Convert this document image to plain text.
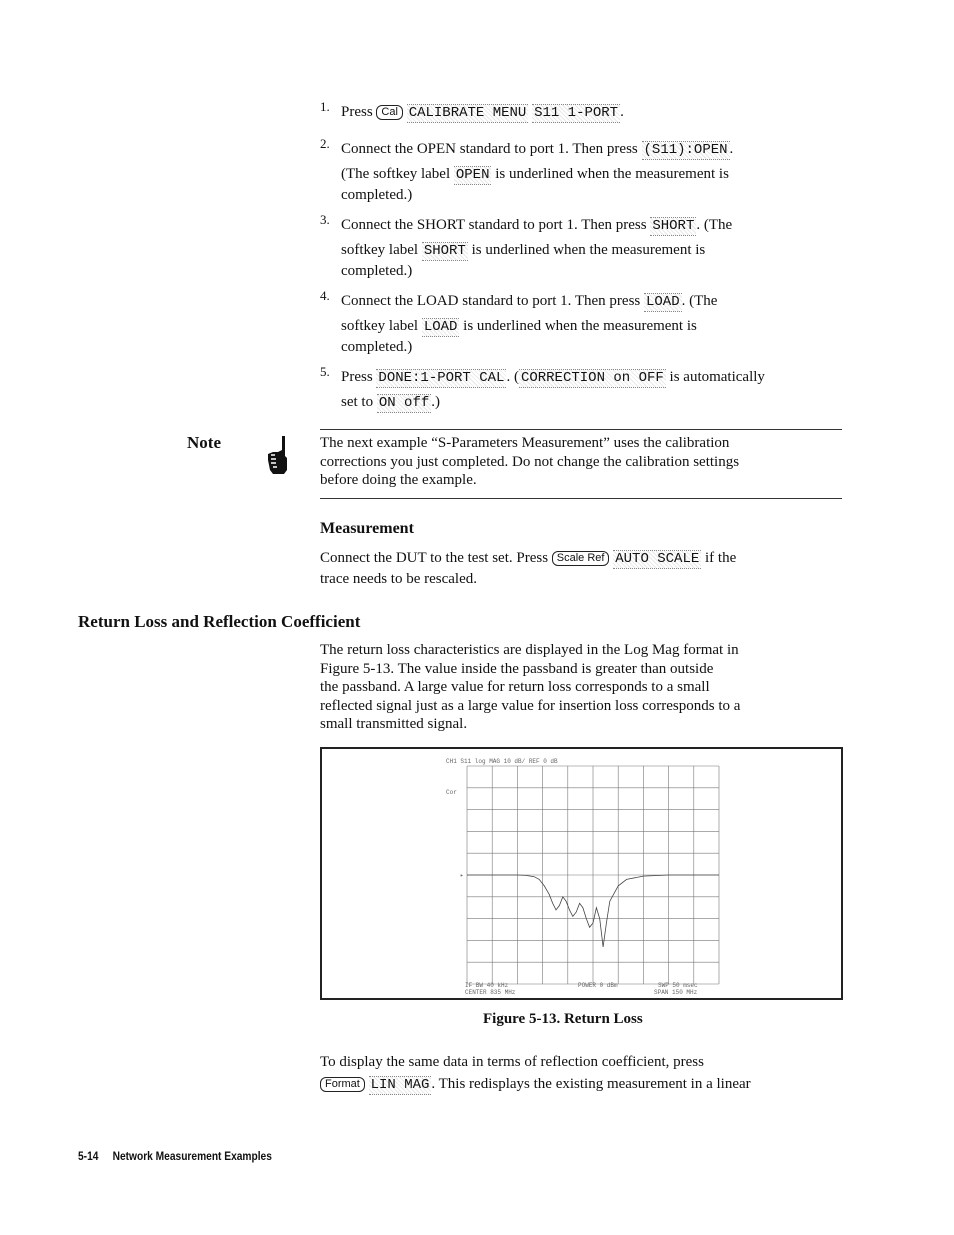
1. Press Cal CALIBRATE MENU S11 1-PORT .
2. Connect the OPEN standard to port 1. Then press (S11):OPEN .
(The softkey label OPEN is underlined when the measurement is
completed.)
3. Connect the SHORT standard to port 1. Then press SHORT . (The
softkey label SHORT is underlined when the measurement is
completed.)
4. Connect the LOAD standard to port 1. Then press LOAD . (The
softkey label LOAD is underlined when the measurement is
completed.)
5. Press DONE:1-PORT CAL . ( CORRECTION on OFF is automatically
set to ON off .)
Note	The next example “S-Parameters Measurement” uses the calibration
corrections you just completed. Do not change the calibration settings
before doing the example.
Measurement
Connect the DUT to the test set. Press Scale Ref AUTO SCALE if the
trace needs to be rescaled.
Return Loss and Reflection Coefficient
The return loss characteristics are displayed in the Log Mag format in
Figure 5-13. The value inside the passband is greater than outside
the passband. A large value for return loss corresponds to a small
reflected signal just as a large value for insertion loss corresponds to a
small transmitted signal.
CH1 S11 log MAG 10 dB/ REF 0 dB
Cor
▸
IF BW 40 kHz	POWER 0 dBm	SWP 50 msec
CENTER 835 MHz	SPAN 150 MHz
Figure 5-13. Return Loss
To display the same data in terms of reflection coefficient, press
Format LIN MAG . This redisplays the existing measurement in a linear
5-14 Network Measurement Examples
